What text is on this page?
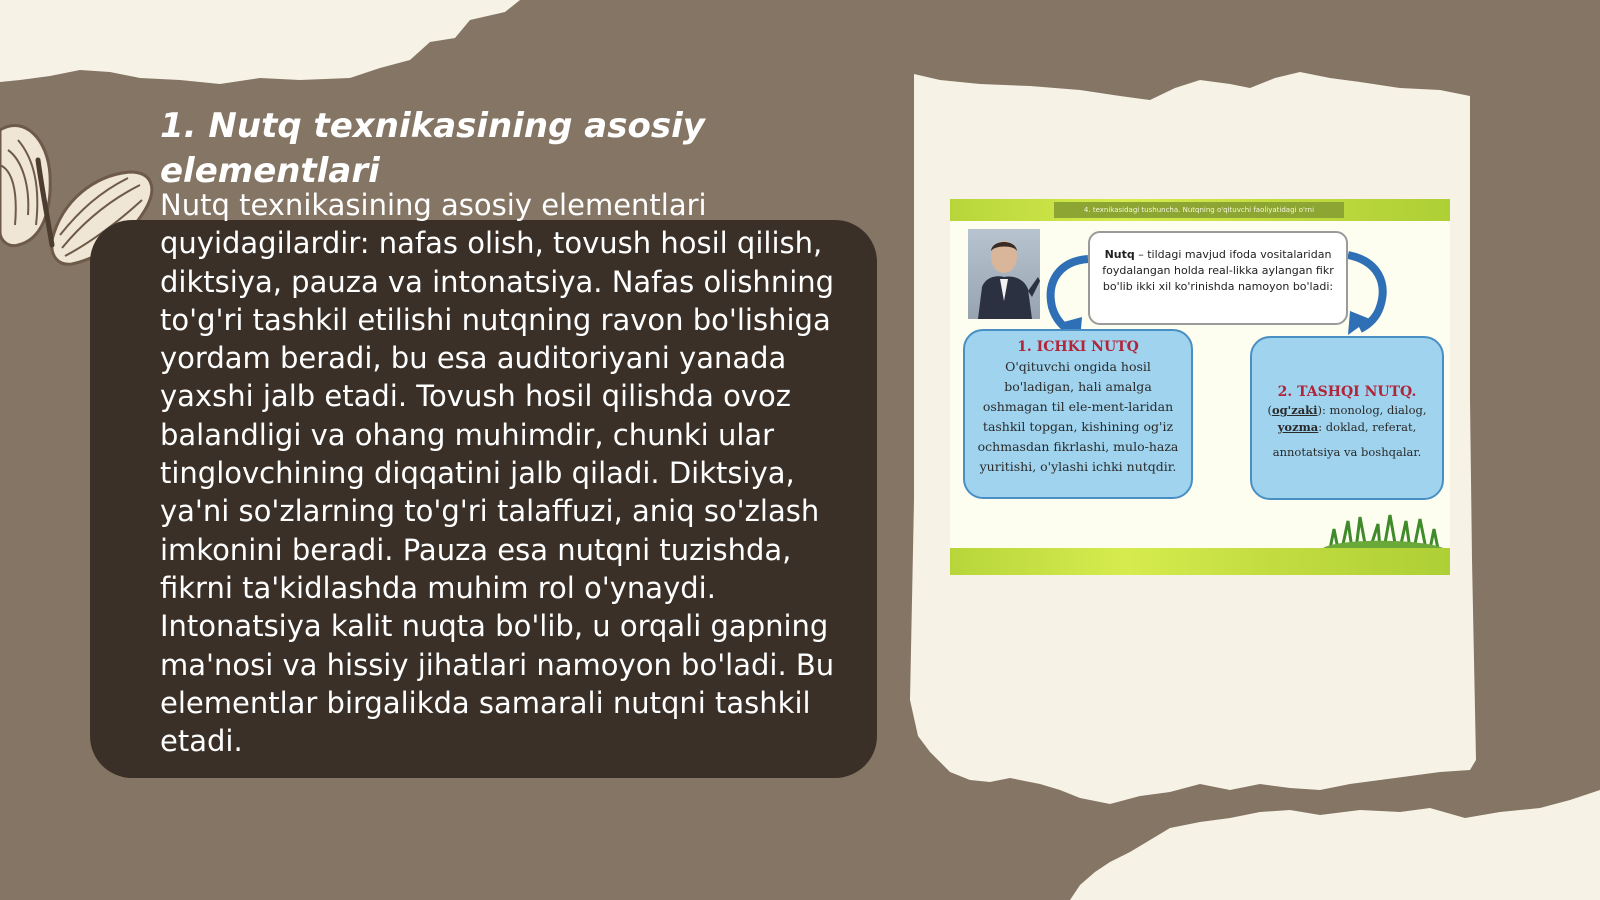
1. Nutq texnikasining asosiy elementlari

Nutq texnikasining asosiy elementlari quyidagilardir: nafas olish, tovush hosil qilish, diktsiya, pauza va intonatsiya. Nafas olishning to'g'ri tashkil etilishi nutqning ravon bo'lishiga yordam beradi, bu esa auditoriyani yanada yaxshi jalb etadi. Tovush hosil qilishda ovoz balandligi va ohang muhimdir, chunki ular tinglovchining diqqatini jalb qiladi. Diktsiya, ya'ni so'zlarning to'g'ri talaffuzi, aniq so'zlash imkonini beradi. Pauza esa nutqni tuzishda, fikrni ta'kidlashda muhim rol o'ynaydi. Intonatsiya kalit nuqta bo'lib, u orqali gapning ma'nosi va hissiy jihatlari namoyon bo'ladi. Bu elementlar birgalikda samarali nutqni tashkil etadi.

4. texnikasidagi tushuncha. Nutqning o'qituvchi faoliyatidagi o'rni
Nutq – tildagi mavjud ifoda vositalaridan foydalangan holda real-likka aylangan fikr bo'lib ikki xil ko'rinishda namoyon bo'ladi:
1. ICHKI NUTQ
O'qituvchi ongida hosil bo'ladigan, hali amalga oshmagan til ele-ment-laridan tashkil topgan, kishining og'iz ochmasdan fikrlashi, mulo-haza yuritishi, o'ylashi ichki nutqdir.
2. TASHQI NUTQ.
(og'zaki): monolog, dialog,
yozma: doklad, referat,
annotatsiya va boshqalar.
